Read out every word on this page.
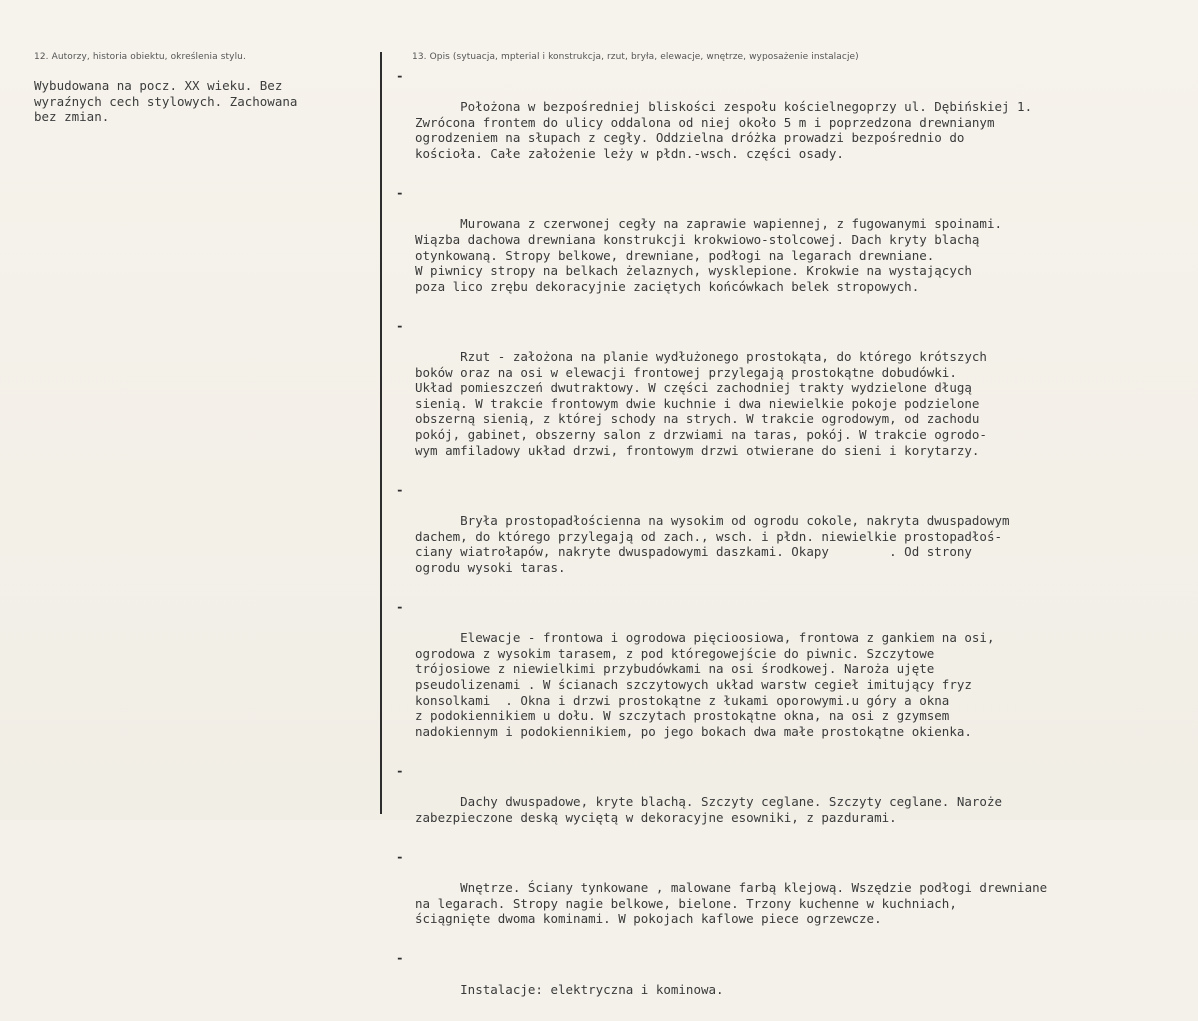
12. Autorzy, historia obiektu, określenia stylu.	13. Opis (sytuacja, mpterial i konstrukcja, rzut, bryła, elewacje, wnętrze, wyposażenie instalacje)
Wybudowana na pocz. XX wieku. Bez
wyraźnych cech stylowych. Zachowana
bez zmian.

-

Położona w bezpośredniej bliskości zespołu kościelnegoprzy ul. Dębińskiej 1.
Zwrócona frontem do ulicy oddalona od niej około 5 m i poprzedzona drewnianym
ogrodzeniem na słupach z cegły. Oddzielna dróżka prowadzi bezpośrednio do
kościoła. Całe założenie leży w płdn.-wsch. części osady.

-

Murowana z czerwonej cegły na zaprawie wapiennej, z fugowanymi spoinami.
Wiązba dachowa drewniana konstrukcji krokwiowo-stolcowej. Dach kryty blachą
otynkowaną. Stropy belkowe, drewniane, podłogi na legarach drewniane.
W piwnicy stropy na belkach żelaznych, wysklepione. Krokwie na wystających
poza lico zrębu dekoracyjnie zaciętych końcówkach belek stropowych.

-

Rzut - założona na planie wydłużonego prostokąta, do którego krótszych
boków oraz na osi w elewacji frontowej przylegają prostokątne dobudówki.
Układ pomieszczeń dwutraktowy. W części zachodniej trakty wydzielone długą
sienią. W trakcie frontowym dwie kuchnie i dwa niewielkie pokoje podzielone
obszerną sienią, z której schody na strych. W trakcie ogrodowym, od zachodu
pokój, gabinet, obszerny salon z drzwiami na taras, pokój. W trakcie ogrodo-
wym amfiladowy układ drzwi, frontowym drzwi otwierane do sieni i korytarzy.

-

Bryła prostopadłościenna na wysokim od ogrodu cokole, nakryta dwuspadowym
dachem, do którego przylegają od zach., wsch. i płdn. niewielkie prostopadłoś-
ciany wiatrołapów, nakryte dwuspadowymi daszkami. Okapy        . Od strony
ogrodu wysoki taras.

-

Elewacje - frontowa i ogrodowa pięcioosiowa, frontowa z gankiem na osi,
ogrodowa z wysokim tarasem, z pod któregowejście do piwnic. Szczytowe
trójosiowe z niewielkimi przybudówkami na osi środkowej. Naroża ujęte
pseudolizenami . W ścianach szczytowych układ warstw cegieł imitujący fryz
konsolkami  . Okna i drzwi prostokątne z łukami oporowymi.u góry a okna
z podokiennikiem u dołu. W szczytach prostokątne okna, na osi z gzymsem
nadokiennym i podokiennikiem, po jego bokach dwa małe prostokątne okienka.

-

Dachy dwuspadowe, kryte blachą. Szczyty ceglane. Szczyty ceglane. Naroże
zabezpieczone deską wyciętą w dekoracyjne esowniki, z pazdurami.

-

Wnętrze. Ściany tynkowane , malowane farbą klejową. Wszędzie podłogi drewniane
na legarach. Stropy nagie belkowe, bielone. Trzony kuchenne w kuchniach,
ściągnięte dwoma kominami. W pokojach kaflowe piece ogrzewcze.

-

Instalacje: elektryczna i kominowa.
